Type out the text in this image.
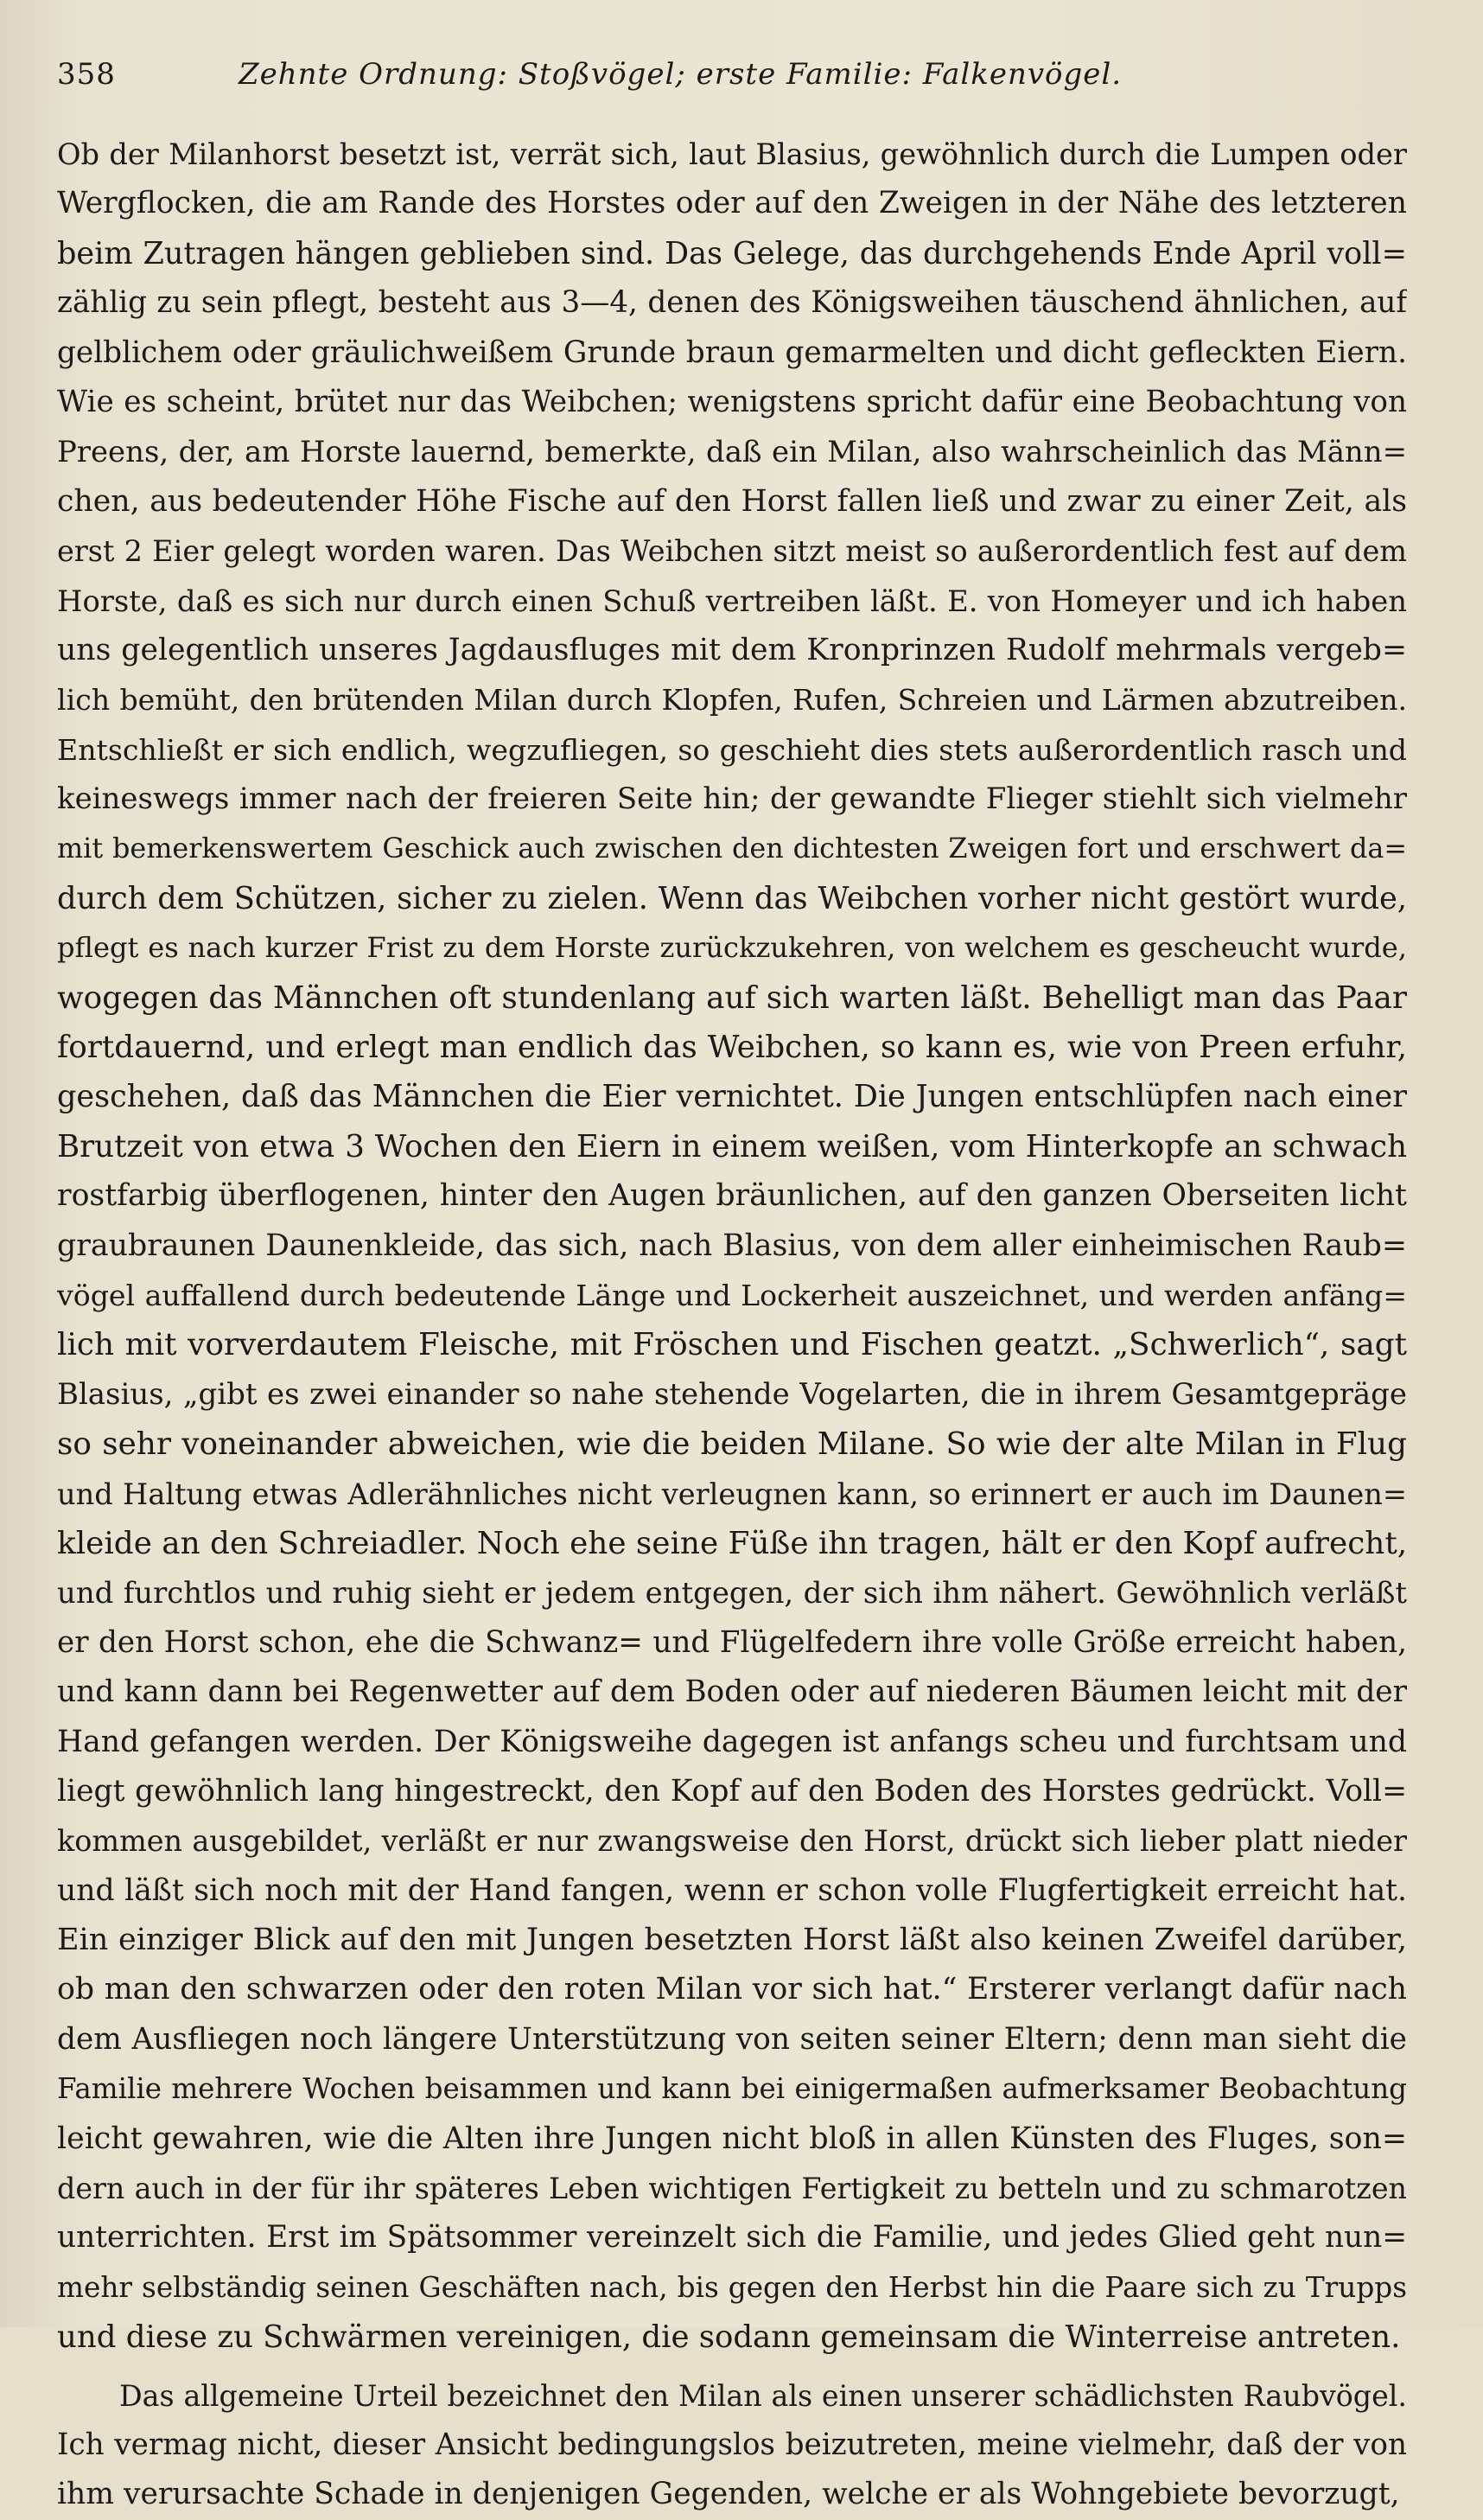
358	Zehnte Ordnung: Stoßvögel; erste Familie: Falkenvögel.
Ob der Milanhorst besetzt ist, verrät sich, laut Blasius, gewöhnlich durch die Lumpen oder
Wergflocken, die am Rande des Horstes oder auf den Zweigen in der Nähe des letzteren
beim Zutragen hängen geblieben sind. Das Gelege, das durchgehends Ende April voll=
zählig zu sein pflegt, besteht aus 3—4, denen des Königsweihen täuschend ähnlichen, auf
gelblichem oder gräulichweißem Grunde braun gemarmelten und dicht gefleckten Eiern.
Wie es scheint, brütet nur das Weibchen; wenigstens spricht dafür eine Beobachtung von
Preens, der, am Horste lauernd, bemerkte, daß ein Milan, also wahrscheinlich das Männ=
chen, aus bedeutender Höhe Fische auf den Horst fallen ließ und zwar zu einer Zeit, als
erst 2 Eier gelegt worden waren. Das Weibchen sitzt meist so außerordentlich fest auf dem
Horste, daß es sich nur durch einen Schuß vertreiben läßt. E. von Homeyer und ich haben
uns gelegentlich unseres Jagdausfluges mit dem Kronprinzen Rudolf mehrmals vergeb=
lich bemüht, den brütenden Milan durch Klopfen, Rufen, Schreien und Lärmen abzutreiben.
Entschließt er sich endlich, wegzufliegen, so geschieht dies stets außerordentlich rasch und
keineswegs immer nach der freieren Seite hin; der gewandte Flieger stiehlt sich vielmehr
mit bemerkenswertem Geschick auch zwischen den dichtesten Zweigen fort und erschwert da=
durch dem Schützen, sicher zu zielen. Wenn das Weibchen vorher nicht gestört wurde,
pflegt es nach kurzer Frist zu dem Horste zurückzukehren, von welchem es gescheucht wurde,
wogegen das Männchen oft stundenlang auf sich warten läßt. Behelligt man das Paar
fortdauernd, und erlegt man endlich das Weibchen, so kann es, wie von Preen erfuhr,
geschehen, daß das Männchen die Eier vernichtet. Die Jungen entschlüpfen nach einer
Brutzeit von etwa 3 Wochen den Eiern in einem weißen, vom Hinterkopfe an schwach
rostfarbig überflogenen, hinter den Augen bräunlichen, auf den ganzen Oberseiten licht
graubraunen Daunenkleide, das sich, nach Blasius, von dem aller einheimischen Raub=
vögel auffallend durch bedeutende Länge und Lockerheit auszeichnet, und werden anfäng=
lich mit vorverdautem Fleische, mit Fröschen und Fischen geatzt. „Schwerlich“, sagt
Blasius, „gibt es zwei einander so nahe stehende Vogelarten, die in ihrem Gesamtgepräge
so sehr voneinander abweichen, wie die beiden Milane. So wie der alte Milan in Flug
und Haltung etwas Adlerähnliches nicht verleugnen kann, so erinnert er auch im Daunen=
kleide an den Schreiadler. Noch ehe seine Füße ihn tragen, hält er den Kopf aufrecht,
und furchtlos und ruhig sieht er jedem entgegen, der sich ihm nähert. Gewöhnlich verläßt
er den Horst schon, ehe die Schwanz= und Flügelfedern ihre volle Größe erreicht haben,
und kann dann bei Regenwetter auf dem Boden oder auf niederen Bäumen leicht mit der
Hand gefangen werden. Der Königsweihe dagegen ist anfangs scheu und furchtsam und
liegt gewöhnlich lang hingestreckt, den Kopf auf den Boden des Horstes gedrückt. Voll=
kommen ausgebildet, verläßt er nur zwangsweise den Horst, drückt sich lieber platt nieder
und läßt sich noch mit der Hand fangen, wenn er schon volle Flugfertigkeit erreicht hat.
Ein einziger Blick auf den mit Jungen besetzten Horst läßt also keinen Zweifel darüber,
ob man den schwarzen oder den roten Milan vor sich hat.“ Ersterer verlangt dafür nach
dem Ausfliegen noch längere Unterstützung von seiten seiner Eltern; denn man sieht die
Familie mehrere Wochen beisammen und kann bei einigermaßen aufmerksamer Beobachtung
leicht gewahren, wie die Alten ihre Jungen nicht bloß in allen Künsten des Fluges, son=
dern auch in der für ihr späteres Leben wichtigen Fertigkeit zu betteln und zu schmarotzen
unterrichten. Erst im Spätsommer vereinzelt sich die Familie, und jedes Glied geht nun=
mehr selbständig seinen Geschäften nach, bis gegen den Herbst hin die Paare sich zu Trupps
und diese zu Schwärmen vereinigen, die sodann gemeinsam die Winterreise antreten.
Das allgemeine Urteil bezeichnet den Milan als einen unserer schädlichsten Raubvögel.
Ich vermag nicht, dieser Ansicht bedingungslos beizutreten, meine vielmehr, daß der von
ihm verursachte Schade in denjenigen Gegenden, welche er als Wohngebiete bevorzugt,
